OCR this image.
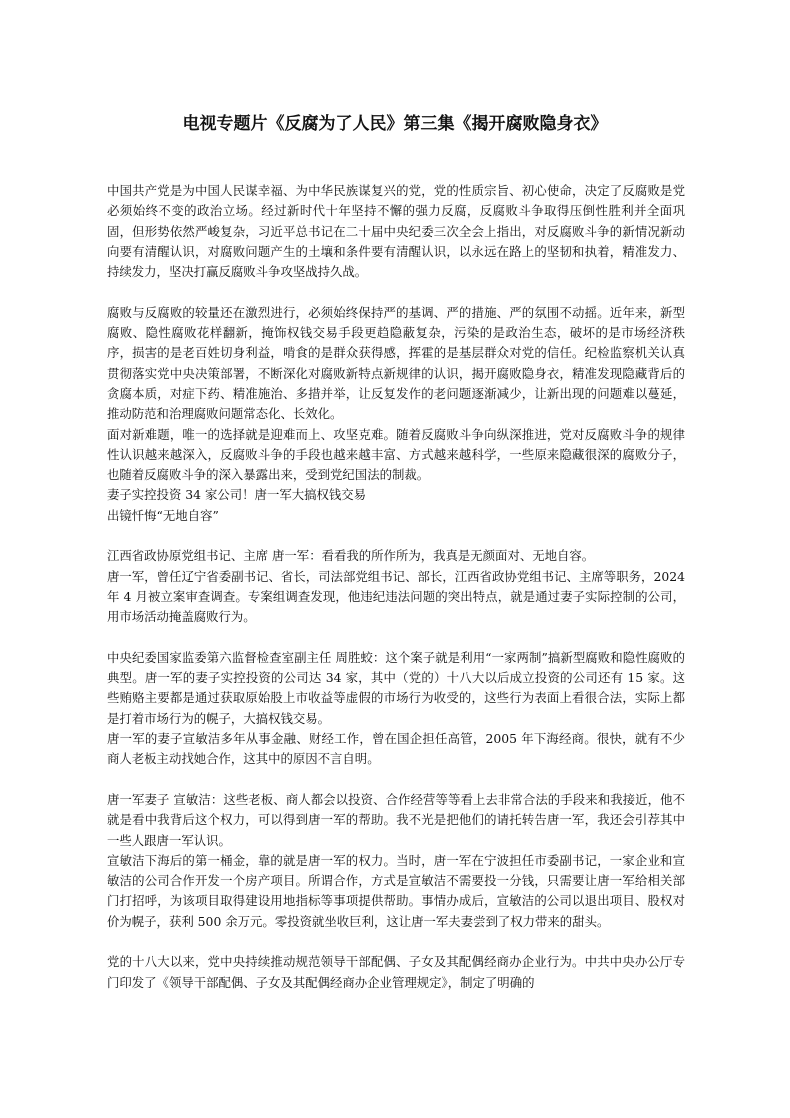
电视专题片《反腐为了人民》第三集《揭开腐败隐身衣》

中国共产党是为中国人民谋幸福、为中华民族谋复兴的党，党的性质宗旨、初心使命，决定了反腐败是党必须始终不变的政治立场。经过新时代十年坚持不懈的强力反腐，反腐败斗争取得压倒性胜利并全面巩固，但形势依然严峻复杂，习近平总书记在二十届中央纪委三次全会上指出，对反腐败斗争的新情况新动向要有清醒认识，对腐败问题产生的土壤和条件要有清醒认识，以永远在路上的坚韧和执着，精准发力、持续发力，坚决打赢反腐败斗争攻坚战持久战。

腐败与反腐败的较量还在激烈进行，必须始终保持严的基调、严的措施、严的氛围不动摇。近年来，新型腐败、隐性腐败花样翻新，掩饰权钱交易手段更趋隐蔽复杂，污染的是政治生态，破坏的是市场经济秩序，损害的是老百姓切身利益，啃食的是群众获得感，挥霍的是基层群众对党的信任。纪检监察机关认真贯彻落实党中央决策部署，不断深化对腐败新特点新规律的认识，揭开腐败隐身衣，精准发现隐藏背后的贪腐本质，对症下药、精准施治、多措并举，让反复发作的老问题逐渐减少，让新出现的问题难以蔓延，推动防范和治理腐败问题常态化、长效化。

面对新难题，唯一的选择就是迎难而上、攻坚克难。随着反腐败斗争向纵深推进，党对反腐败斗争的规律性认识越来越深入，反腐败斗争的手段也越来越丰富、方式越来越科学，一些原来隐藏很深的腐败分子，也随着反腐败斗争的深入暴露出来，受到党纪国法的制裁。

妻子实控投资 34 家公司！唐一军大搞权钱交易

出镜忏悔“无地自容”

江西省政协原党组书记、主席 唐一军：看看我的所作所为，我真是无颜面对、无地自容。

唐一军，曾任辽宁省委副书记、省长，司法部党组书记、部长，江西省政协党组书记、主席等职务，2024 年 4 月被立案审查调查。专案组调查发现，他违纪违法问题的突出特点，就是通过妻子实际控制的公司，用市场活动掩盖腐败行为。

中央纪委国家监委第六监督检查室副主任 周胜蛟：这个案子就是利用“一家两制”搞新型腐败和隐性腐败的典型。唐一军的妻子实控投资的公司达 34 家，其中（党的）十八大以后成立投资的公司还有 15 家。这些贿赂主要都是通过获取原始股上市收益等虚假的市场行为收受的，这些行为表面上看很合法，实际上都是打着市场行为的幌子，大搞权钱交易。

唐一军的妻子宣敏洁多年从事金融、财经工作，曾在国企担任高管，2005 年下海经商。很快，就有不少商人老板主动找她合作，这其中的原因不言自明。

唐一军妻子 宣敏洁：这些老板、商人都会以投资、合作经营等等看上去非常合法的手段来和我接近，他不就是看中我背后这个权力，可以得到唐一军的帮助。我不光是把他们的请托转告唐一军，我还会引荐其中一些人跟唐一军认识。

宣敏洁下海后的第一桶金，靠的就是唐一军的权力。当时，唐一军在宁波担任市委副书记，一家企业和宣敏洁的公司合作开发一个房产项目。所谓合作，方式是宣敏洁不需要投一分钱，只需要让唐一军给相关部门打招呼，为该项目取得建设用地指标等事项提供帮助。事情办成后，宣敏洁的公司以退出项目、股权对价为幌子，获利 500 余万元。零投资就坐收巨利，这让唐一军夫妻尝到了权力带来的甜头。

党的十八大以来，党中央持续推动规范领导干部配偶、子女及其配偶经商办企业行为。中共中央办公厅专门印发了《领导干部配偶、子女及其配偶经商办企业管理规定》，制定了明确的
